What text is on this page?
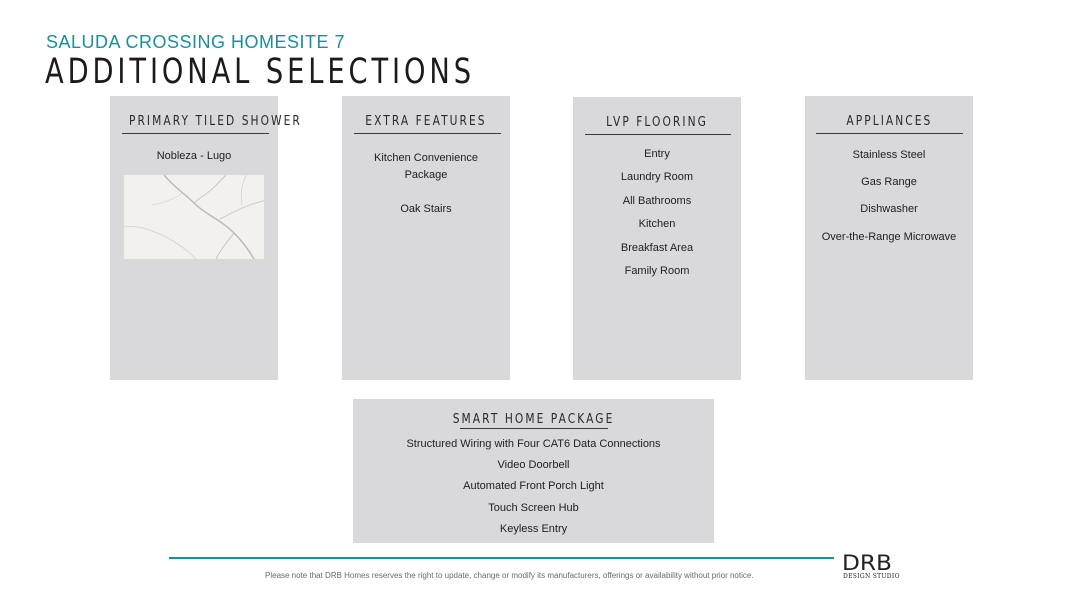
SALUDA CROSSING HOMESITE 7
ADDITIONAL SELECTIONS
PRIMARY TILED SHOWER
Nobleza - Lugo
EXTRA FEATURES
Kitchen Convenience
Package
Oak Stairs
LVP FLOORING
Entry
Laundry Room
All Bathrooms
Kitchen
Breakfast Area
Family Room
APPLIANCES
Stainless Steel
Gas Range
Dishwasher
Over-the-Range Microwave
SMART HOME PACKAGE
Structured Wiring with Four CAT6 Data Connections
Video Doorbell
Automated Front Porch Light
Touch Screen Hub
Keyless Entry
Please note that DRB Homes reserves the right to update, change or modify its manufacturers, offerings or availability without prior notice.
DRB
DESIGN STUDIO
